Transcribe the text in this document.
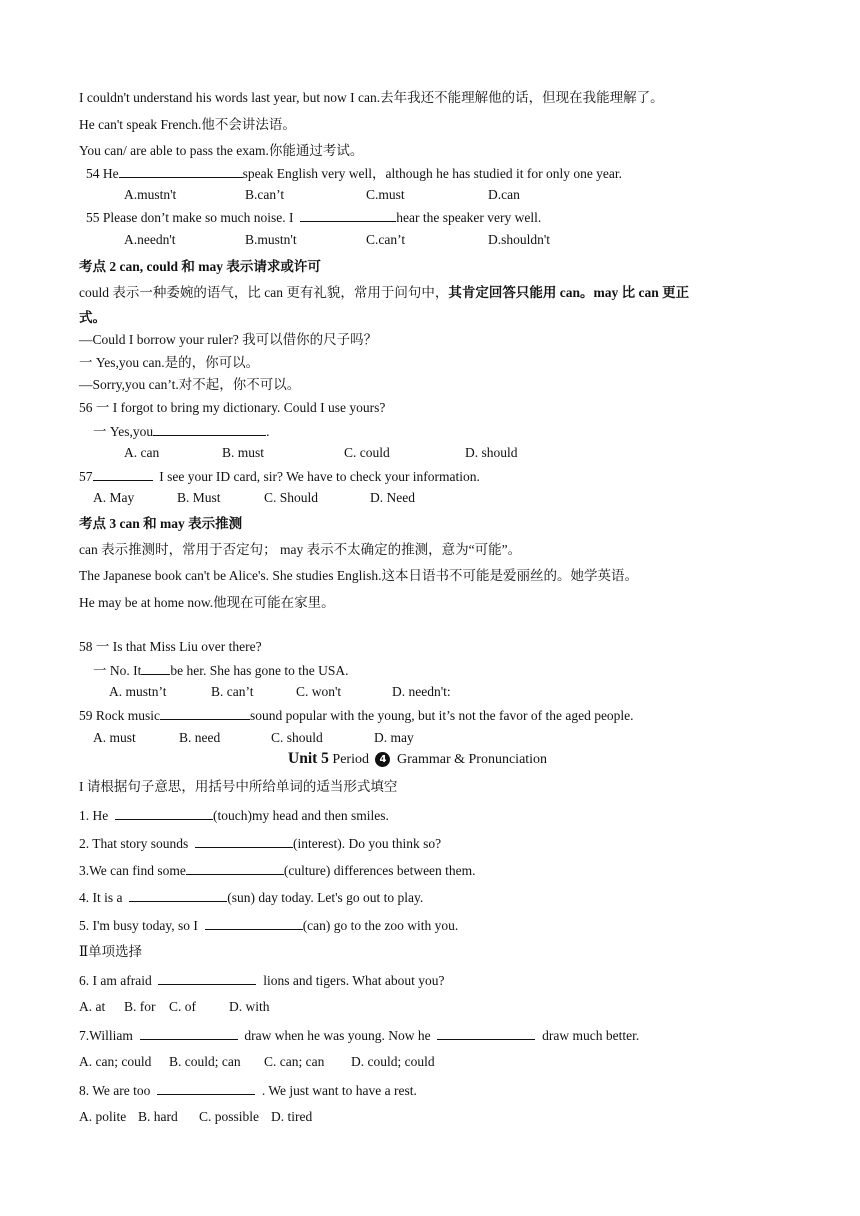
I couldn't understand his words last year, but now I can.去年我还不能理解他的话，但现在我能理解了。
He can't speak French.他不会讲法语。
You can/ are able to pass the exam.你能通过考试。
54 He	speak English very well，although he has studied it for only one year.
A.mustn't	B.can’t	C.must	D.can
55 Please don’t make so much noise. I	hear the speaker very well.
A.needn't	B.mustn't	C.can’t	D.shouldn't
考点 2 can, could 和 may 表示请求或许可
could 表示一种委婉的语气，比 can 更有礼貌，常用于问句中，其肯定回答只能用 can。may 比 can 更正
式。
—Could I borrow your ruler? 我可以借你的尺子吗？
一 Yes,you can.是的，你可以。
—Sorry,you can’t.对不起，你不可以。
56 一 I forgot to bring my dictionary. Could I use yours?
一 Yes,you	.
A. can	B. must	C. could	D. should
57	I see your ID card, sir? We have to check your information.
A. May	B. Must	C. Should	D. Need
考点 3 can 和 may 表示推测
can 表示推测时，常用于否定句； may 表示不太确定的推测，意为“可能”。
The Japanese book can't be Alice's. She studies English.这本日语书不可能是爱丽丝的。她学英语。
He may be at home now.他现在可能在家里。
58 一 Is that Miss Liu over there?
一 No. It be her. She has gone to the USA.
A. mustn’t	B. can’t	C. won't	D. needn't:
59 Rock music	sound popular with the young, but it’s not the favor of the aged people.
A. must	B. need	C. should	D. may
Unit 5 Period 4 Grammar & Pronunciation
I 请根据句子意思，用括号中所给单词的适当形式填空
1. He	(touch)my head and then smiles.
2. That story sounds	(interest). Do you think so?
3.We can find some	(culture) differences between them.
4. It is a	(sun) day today. Let's go out to play.
5. I'm busy today, so I	(can) go to the zoo with you.
Ⅱ单项选择
6. I am afraid	lions and tigers. What about you?
A. at B. for C. of D. with
7.William	draw when he was young. Now he	draw much better.
A. can; could B. could; can C. can; can D. could; could
8. We are too	. We just want to have a rest.
A. polite B. hard C. possible D. tired
